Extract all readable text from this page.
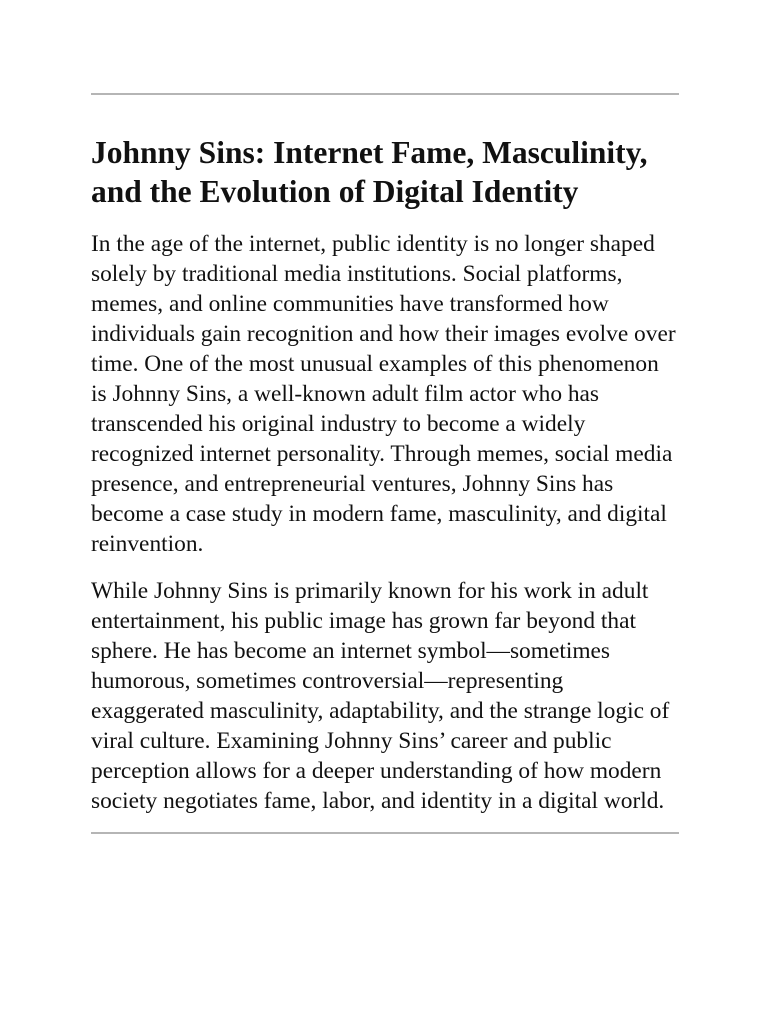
Johnny Sins: Internet Fame, Masculinity, and the Evolution of Digital Identity

In the age of the internet, public identity is no longer shaped solely by traditional media institutions. Social platforms, memes, and online communities have transformed how individuals gain recognition and how their images evolve over time. One of the most unusual examples of this phenomenon is Johnny Sins, a well-known adult film actor who has transcended his original industry to become a widely recognized internet personality. Through memes, social media presence, and entrepreneurial ventures, Johnny Sins has become a case study in modern fame, masculinity, and digital reinvention.

While Johnny Sins is primarily known for his work in adult entertainment, his public image has grown far beyond that sphere. He has become an internet symbol—sometimes humorous, sometimes controversial—representing exaggerated masculinity, adaptability, and the strange logic of viral culture. Examining Johnny Sins’ career and public perception allows for a deeper understanding of how modern society negotiates fame, labor, and identity in a digital world.
